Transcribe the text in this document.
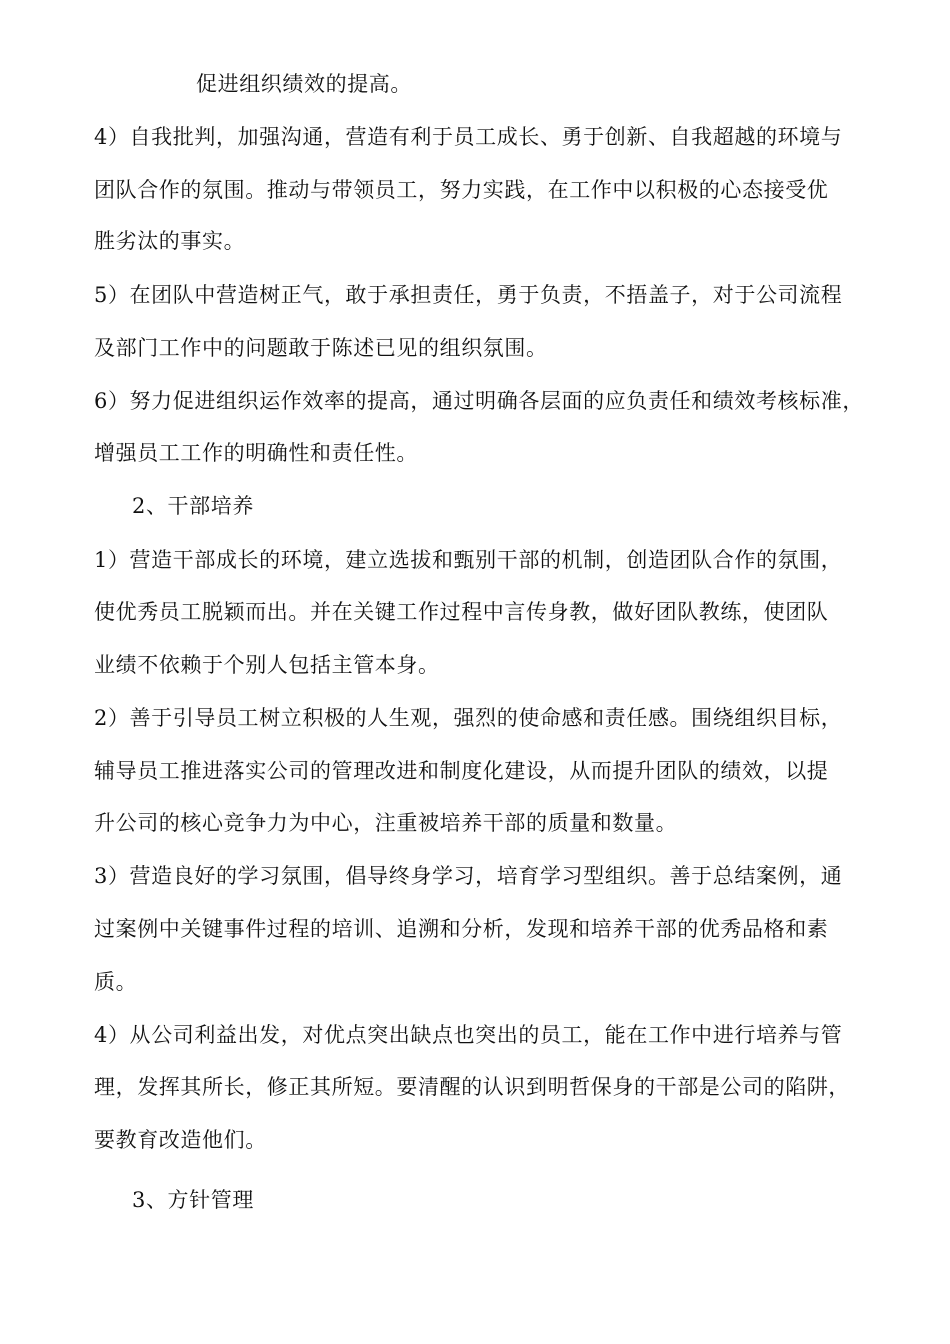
促进组织绩效的提高。
4）自我批判，加强沟通，营造有利于员工成长、勇于创新、自我超越的环境与
团队合作的氛围。推动与带领员工，努力实践，在工作中以积极的心态接受优
胜劣汰的事实。
5）在团队中营造树正气，敢于承担责任，勇于负责，不捂盖子，对于公司流程
及部门工作中的问题敢于陈述已见的组织氛围。
6）努力促进组织运作效率的提高，通过明确各层面的应负责任和绩效考核标准，
增强员工工作的明确性和责任性。
2、干部培养
1）营造干部成长的环境，建立选拔和甄别干部的机制，创造团队合作的氛围，
使优秀员工脱颖而出。并在关键工作过程中言传身教，做好团队教练，使团队
业绩不依赖于个别人包括主管本身。
2）善于引导员工树立积极的人生观，强烈的使命感和责任感。围绕组织目标，
辅导员工推进落实公司的管理改进和制度化建设，从而提升团队的绩效，以提
升公司的核心竞争力为中心，注重被培养干部的质量和数量。
3）营造良好的学习氛围，倡导终身学习，培育学习型组织。善于总结案例，通
过案例中关键事件过程的培训、追溯和分析，发现和培养干部的优秀品格和素
质。
4）从公司利益出发，对优点突出缺点也突出的员工，能在工作中进行培养与管
理，发挥其所长，修正其所短。要清醒的认识到明哲保身的干部是公司的陷阱，
要教育改造他们。
3、方针管理
